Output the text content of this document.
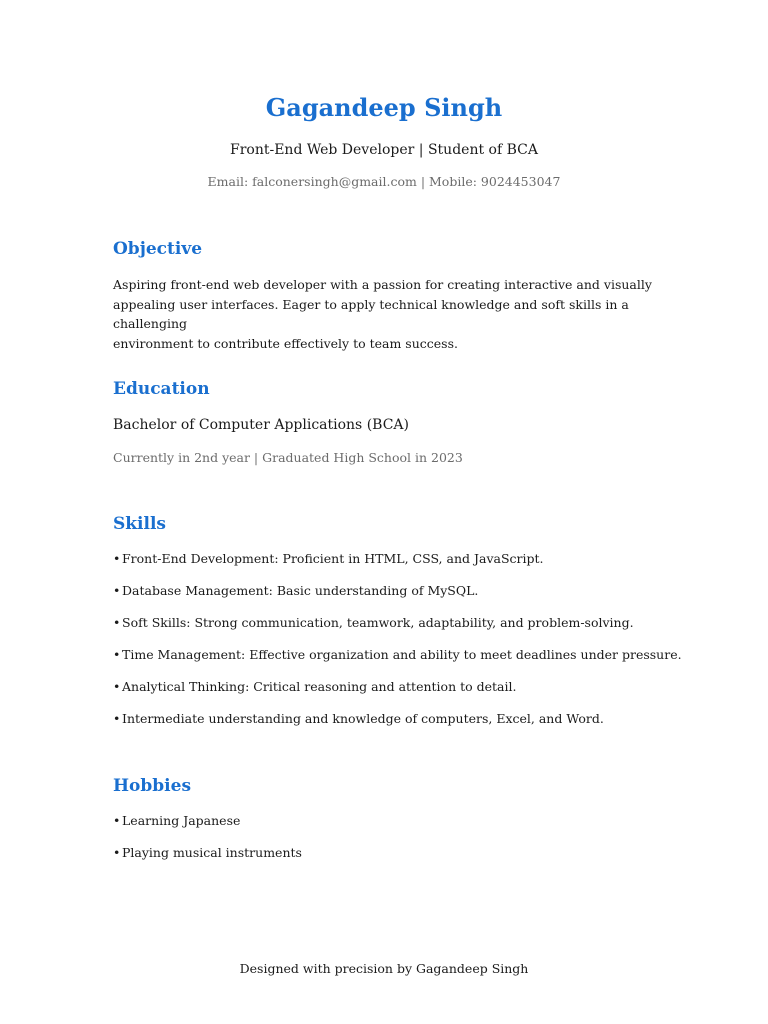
Gagandeep Singh
Front-End Web Developer | Student of BCA
Email: falconersingh@gmail.com | Mobile: 9024453047
Objective
Aspiring front-end web developer with a passion for creating interactive and visually
appealing user interfaces. Eager to apply technical knowledge and soft skills in a challenging
environment to contribute effectively to team success.
Education
Bachelor of Computer Applications (BCA)
Currently in 2nd year | Graduated High School in 2023
Skills
• Front-End Development: Proficient in HTML, CSS, and JavaScript.
• Database Management: Basic understanding of MySQL.
• Soft Skills: Strong communication, teamwork, adaptability, and problem-solving.
• Time Management: Effective organization and ability to meet deadlines under pressure.
• Analytical Thinking: Critical reasoning and attention to detail.
• Intermediate understanding and knowledge of computers, Excel, and Word.
Hobbies
• Learning Japanese
• Playing musical instruments
Designed with precision by Gagandeep Singh
